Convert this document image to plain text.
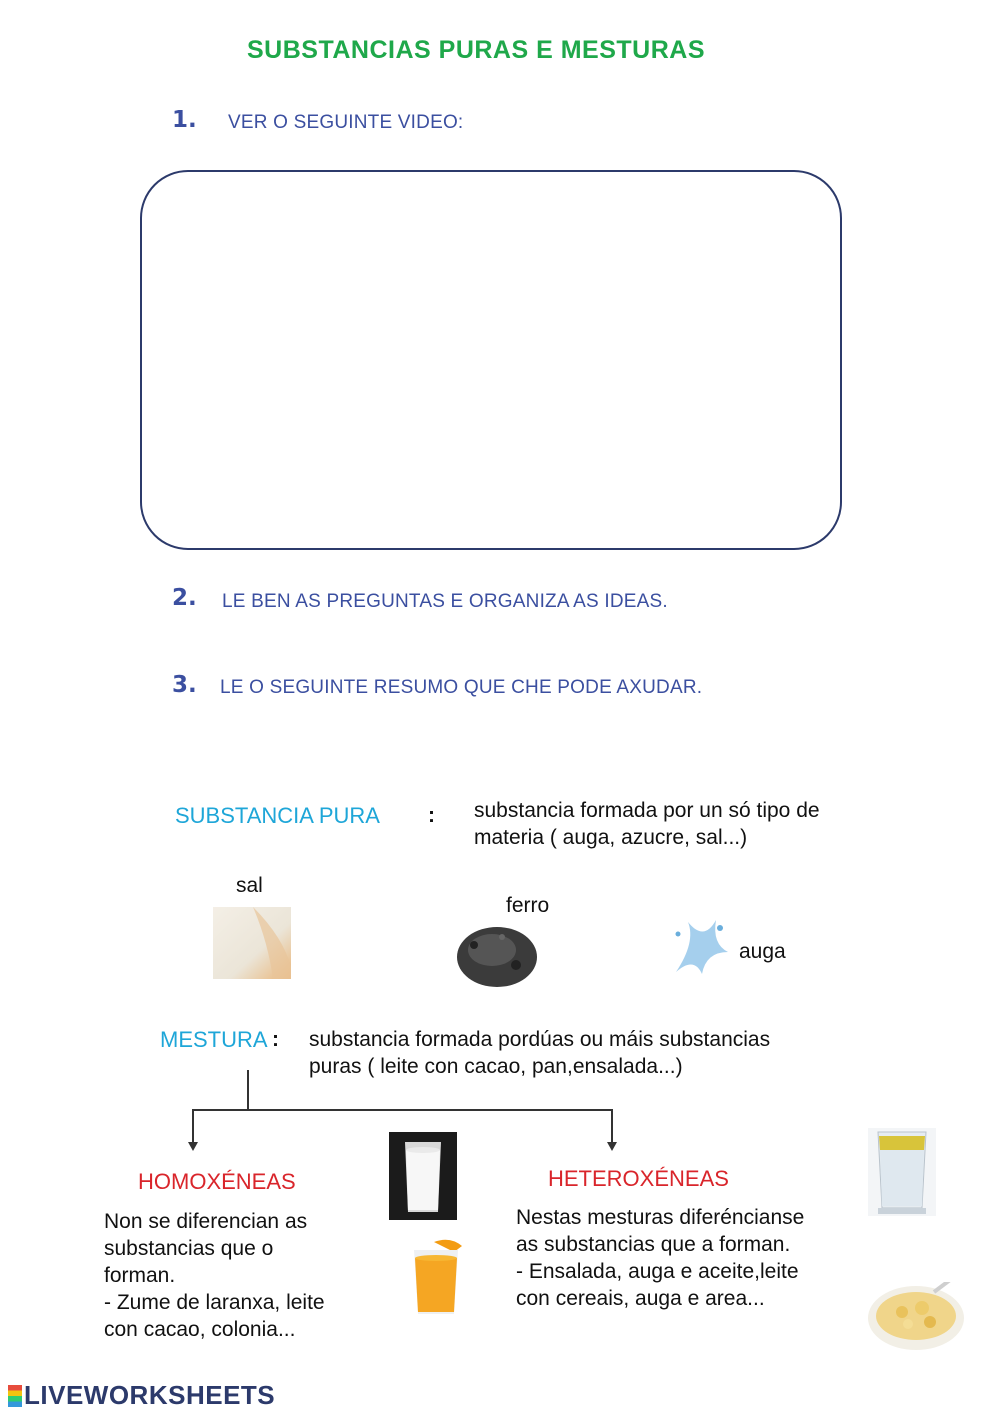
SUBSTANCIAS PURAS E MESTURAS
1. VER O SEGUINTE VIDEO:
2. LE BEN AS PREGUNTAS E ORGANIZA AS IDEAS.
3. LE O SEGUINTE RESUMO QUE CHE PODE AXUDAR.
SUBSTANCIA PURA : substancia formada por un só tipo de
materia ( auga, azucre, sal...)
sal
ferro
auga
MESTURA : substancia formada pordúas ou máis substancias
puras ( leite con cacao, pan,ensalada...)
HOMOXÉNEAS
Non se diferencian as
substancias que o
forman.
- Zume de laranxa, leite
con cacao, colonia...
HETEROXÉNEAS
Nestas mesturas diferéncianse
as substancias que a forman.
- Ensalada, auga e aceite,leite
con cereais, auga e area...
LIVEWORKSHEETS
